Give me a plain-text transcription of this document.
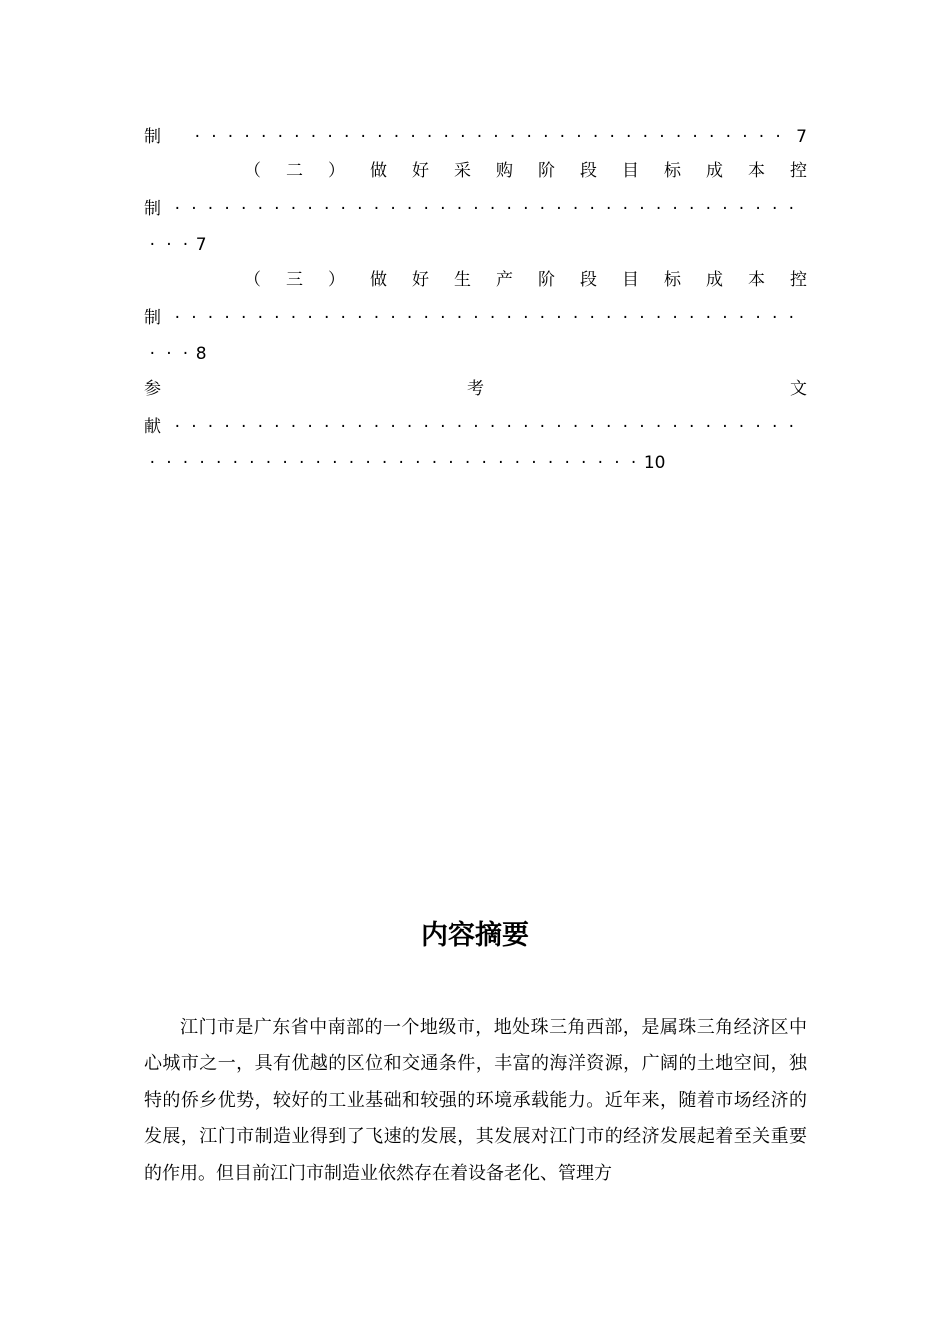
制	· · · · · · · · · · · · · · · · · · · · · · · · · · · · · · · · · · · · 7
（ 二 ） 做 好 采 购 阶 段 目 标 成 本 控
制 · · · · · · · · · · · · · · · · · · · · · · · · · · · · · · · · · · · · · ·
· · · 7
（ 三 ） 做 好 生 产 阶 段 目 标 成 本 控
制 · · · · · · · · · · · · · · · · · · · · · · · · · · · · · · · · · · · · · ·
· · · 8
参	考	文
献 · · · · · · · · · · · · · · · · · · · · · · · · · · · · · · · · · · · · · ·
· · · · · · · · · · · · · · · · · · · · · · · · · · · · · · 10
内容摘要

江门市是广东省中南部的一个地级市，地处珠三角西部，是属珠三角经济区中心城市之一，具有优越的区位和交通条件，丰富的海洋资源，广阔的土地空间，独特的侨乡优势，较好的工业基础和较强的环境承载能力。近年来，随着市场经济的发展，江门市制造业得到了飞速的发展，其发展对江门市的经济发展起着至关重要的作用。但目前江门市制造业依然存在着设备老化、管理方
